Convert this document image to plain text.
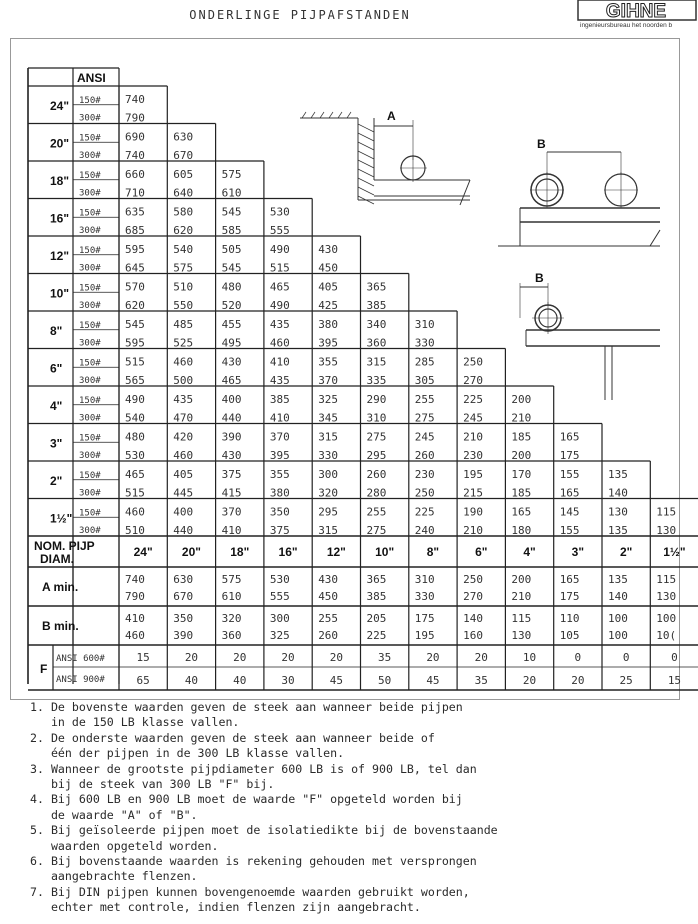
ONDERLINGE PIJPAFSTANDEN	GIHNE
ingenieursbureau het noorden b
ANSI
24" 150#
300#
740
790
20" 150#
300#
690	630
740	670
18" 150#
300#
660	605	575
710	640	610
16" 150#
300#
635	580	545	530
685	620	585	555
12" 150#
300#
595	540	505	490	430
645	575	545	515	450
10" 150#
300#
570	510	480	465	405	365
620	550	520	490	425	385
8" 150#
300#
545	485	455	435	380	340	310
595	525	495	460	395	360	330
6" 150#
300#
515	460	430	410	355	315	285	250
565	500	465	435	370	335	305	270
4" 150#
300#
490	435	400	385	325	290	255	225	200
540	470	440	410	345	310	275	245	210
3" 150#
300#
480	420	390	370	315	275	245	210	185	165
530	460	430	395	330	295	260	230	200	175
2" 150#
300#
465	405	375	355	300	260	230	195	170	155	135
515	445	415	380	320	280	250	215	185	165	140
1½" 150#
300#
460	400	370	350	295	255	225	190	165	145	130	115
510	440	410	375	315	275	240	210	180	155	135	130
NOM. PIJP
DIAM.	24" 20" 18" 16" 12" 10"	8"	6"	4"	3"	2"	1½"
A min.
740	630	575	530	430	365	310	250	200	165	135	115
790	670	610	555	450	385	330	270	210	175	140	130
B min.
410	350	320	300	255	205	175	140	115	110	100	100
460	390	360	325	260	225	195	160	130	105	100	10(
F
ANSI 600#
ANSI 900#
15	20	20	20	20	35	20	20	10	0	0	0
65	40	40	30	45	50	45	35	20	20	25	15
A
B
B
1. De bovenste waarden geven de steek aan wanneer beide pijpen
in de 150 LB klasse vallen.
2. De onderste waarden geven de steek aan wanneer beide of
één der pijpen in de 300 LB klasse vallen.
3. Wanneer de grootste pijpdiameter 600 LB is of 900 LB, tel dan
bij de steek van 300 LB "F" bij.
4. Bij 600 LB en 900 LB moet de waarde "F" opgeteld worden bij
de waarde "A" of "B".
5. Bij geïsoleerde pijpen moet de isolatiedikte bij de bovenstaande
waarden opgeteld worden.
6. Bij bovenstaande waarden is rekening gehouden met versprongen
aangebrachte flenzen.
7. Bij DIN pijpen kunnen bovengenoemde waarden gebruikt worden,
echter met controle, indien flenzen zijn aangebracht.
